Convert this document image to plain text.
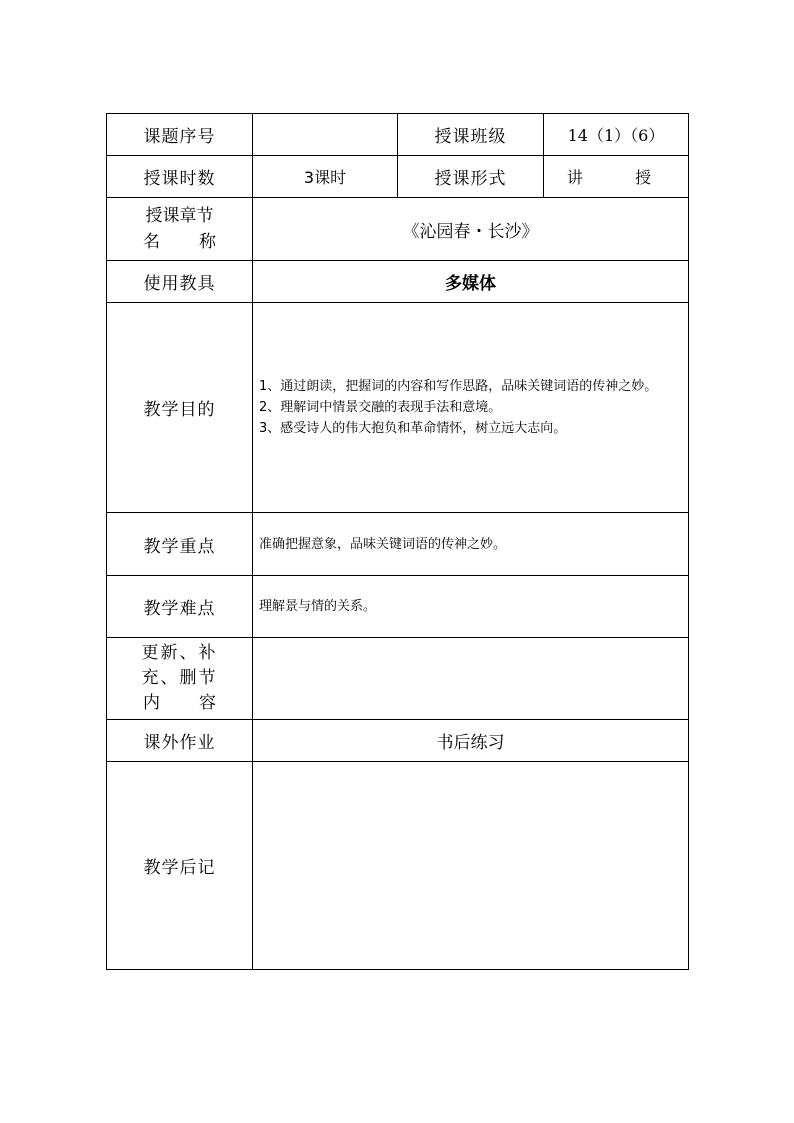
课题序号		授课班级	14（1）（6）
授课时数	3课时	授课形式	讲  授

授课章节
名 称	《沁园春・长沙》		
使用教具	多媒体		
教学目的	1、通过朗读，把握词的内容和写作思路，品味关键词语的传神之妙。
2、理解词中情景交融的表现手法和意境。
3、感受诗人的伟大抱负和革命情怀，树立远大志向。		

教学重点	准确把握意象，品味关键词语的传神之妙。		
教学难点	理解景与情的关系。		

更新、补
充、删节
内 容			

课外作业	书后练习		
教学后记			
